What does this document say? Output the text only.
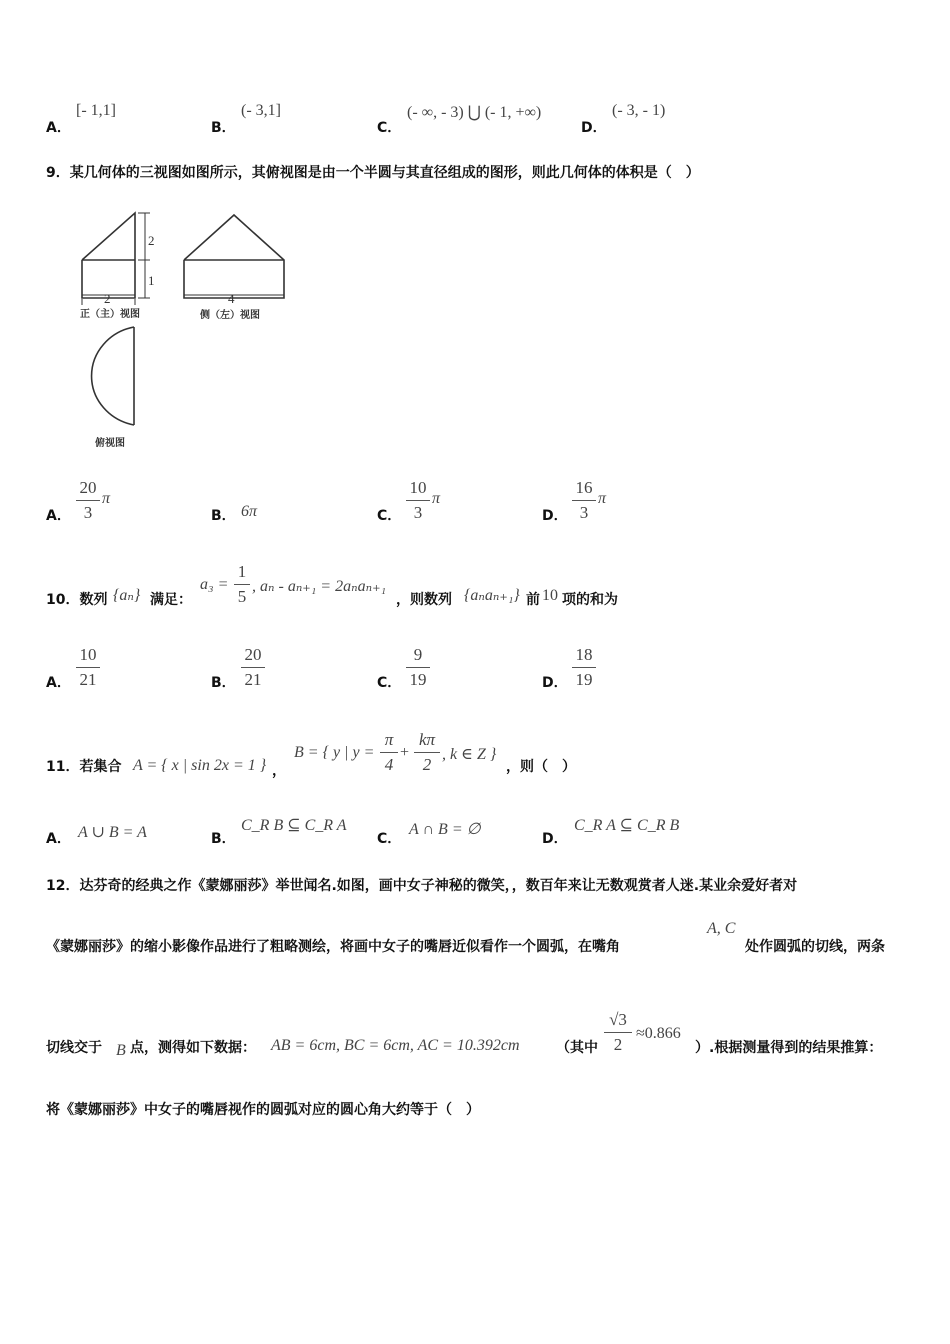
A．
[- 1,1]
B．
(- 3,1]
C．
(- ∞, - 3) ⋃ (- 1, +∞)
D．
(- 3, - 1)
9．某几何体的三视图如图所示，其俯视图是由一个半圆与其直径组成的图形，则此几何体的体积是（　）
2
1
2
正（主）视图
4
侧（左）视图
俯视图
A．
20
3
π
B． 6π	C．
10
3
π
D．
16
3
π
10．数列 {aₙ} 满足：
a₃ =
1
5
, aₙ - aₙ₊₁ = 2aₙaₙ₊₁
，则数列 {aₙaₙ₊₁} 前 10 项的和为
A．
10
21	B．
20
21	C．
9
19	D．
18
19
11．若集合 A = { x | sin 2x = 1 } ，
B = { y | y =
π
4
+
kπ
2
, k ∈ Z }
，则（　）
A． A ∪ B = A	B．
C_R B ⊆ C_R A
C．
A ∩ B = ∅
D．
C_R A ⊆ C_R B
12．达芬奇的经典之作《蒙娜丽莎》举世闻名.如图，画中女子神秘的微笑，，数百年来让无数观赏者人迷.某业余爱好者对
《蒙娜丽莎》的缩小影像作品进行了粗略测绘，将画中女子的嘴唇近似看作一个圆弧，在嘴角
A, C
处作圆弧的切线，两条
切线交于 B 点，测得如下数据： AB = 6cm, BC = 6cm, AC = 10.392cm	（其中
√3
2
≈0.866
）.根据测量得到的结果推算：
将《蒙娜丽莎》中女子的嘴唇视作的圆弧对应的圆心角大约等于（　）
